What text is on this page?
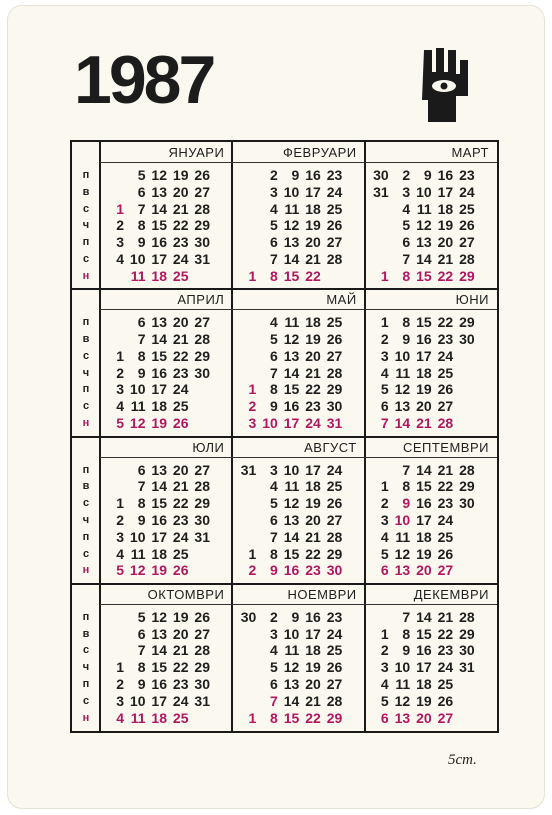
1987
п
в
с
ч
п
с
н
ЯНУАРИ
1
2
3
4
5
6
7
8
9
10
11
12
13
14
15
16
17
18
19
20
21
22
23
24
25
26
27
28
29
30
31
ФЕВРУАРИ
1
2
3
4
5
6
7
8
9
10
11
12
13
14
15
16
17
18
19
20
21
22
23
24
25
26
27
28
МАРТ
30
31
1
2
3
4
5
6
7
8
9
10
11
12
13
14
15
16
17
18
19
20
21
22
23
24
25
26
27
28
29
п
в
с
ч
п
с
н
АПРИЛ
1
2
3
4
5
6
7
8
9
10
11
12
13
14
15
16
17
18
19
20
21
22
23
24
25
26
27
28
29
30
МАЙ
1
2
3
4
5
6
7
8
9
10
11
12
13
14
15
16
17
18
19
20
21
22
23
24
25
26
27
28
29
30
31
ЮНИ
1
2
3
4
5
6
7
8
9
10
11
12
13
14
15
16
17
18
19
20
21
22
23
24
25
26
27
28
29
30
п
в
с
ч
п
с
н
ЮЛИ
1
2
3
4
5
6
7
8
9
10
11
12
13
14
15
16
17
18
19
20
21
22
23
24
25
26
27
28
29
30
31
АВГУСТ
31
1
2
3
4
5
6
7
8
9
10
11
12
13
14
15
16
17
18
19
20
21
22
23
24
25
26
27
28
29
30
СЕПТЕМВРИ
1
2
3
4
5
6
7
8
9
10
11
12
13
14
15
16
17
18
19
20
21
22
23
24
25
26
27
28
29
30
п
в
с
ч
п
с
н
ОКТОМВРИ
1
2
3
4
5
6
7
8
9
10
11
12
13
14
15
16
17
18
19
20
21
22
23
24
25
26
27
28
29
30
31
НОЕМВРИ
30
1
2
3
4
5
6
7
8
9
10
11
12
13
14
15
16
17
18
19
20
21
22
23
24
25
26
27
28
29
ДЕКЕМВРИ
1
2
3
4
5
6
7
8
9
10
11
12
13
14
15
16
17
18
19
20
21
22
23
24
25
26
27
28
29
30
31
5ст.
